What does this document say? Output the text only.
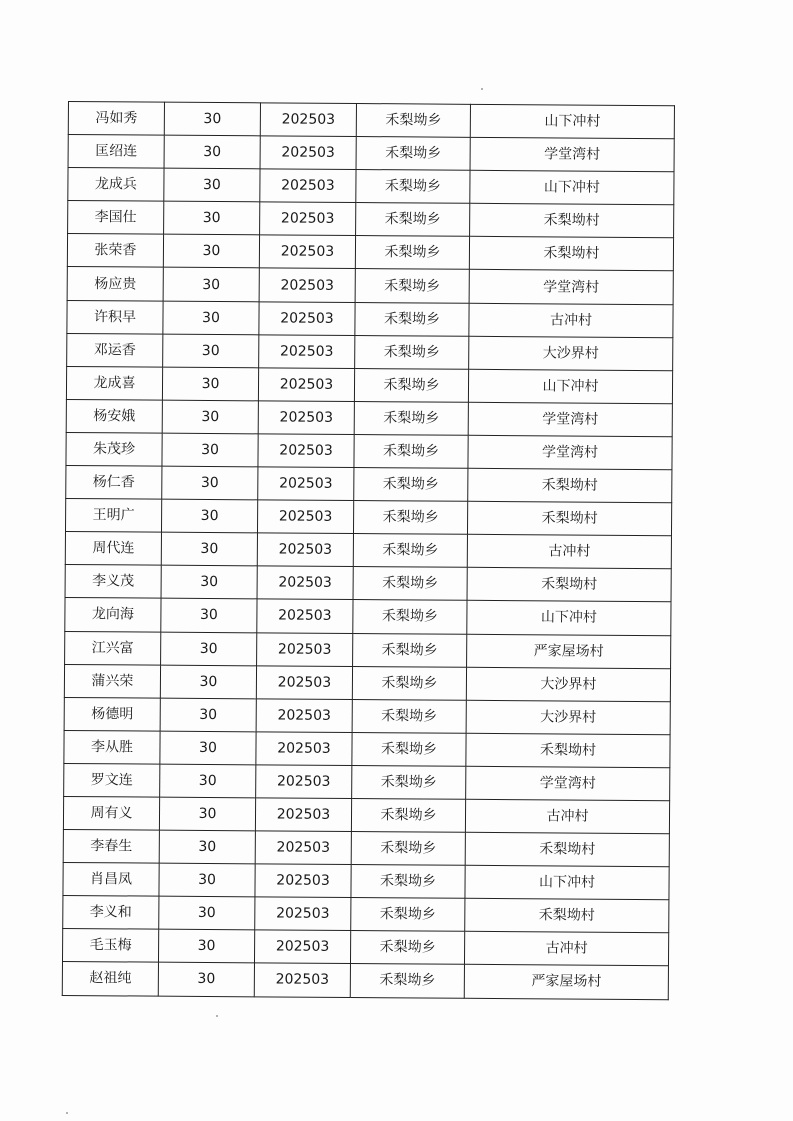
冯如秀	30	202503	禾梨坳乡	山下冲村
匡绍连	30	202503	禾梨坳乡	学堂湾村
龙成兵	30	202503	禾梨坳乡	山下冲村
李国仕	30	202503	禾梨坳乡	禾梨坳村
张荣香	30	202503	禾梨坳乡	禾梨坳村
杨应贵	30	202503	禾梨坳乡	学堂湾村
许积早	30	202503	禾梨坳乡	古冲村
邓运香	30	202503	禾梨坳乡	大沙界村
龙成喜	30	202503	禾梨坳乡	山下冲村
杨安娥	30	202503	禾梨坳乡	学堂湾村
朱茂珍	30	202503	禾梨坳乡	学堂湾村
杨仁香	30	202503	禾梨坳乡	禾梨坳村
王明广	30	202503	禾梨坳乡	禾梨坳村
周代连	30	202503	禾梨坳乡	古冲村
李义茂	30	202503	禾梨坳乡	禾梨坳村
龙向海	30	202503	禾梨坳乡	山下冲村
江兴富	30	202503	禾梨坳乡	严家屋场村
蒲兴荣	30	202503	禾梨坳乡	大沙界村
杨德明	30	202503	禾梨坳乡	大沙界村
李从胜	30	202503	禾梨坳乡	禾梨坳村
罗文连	30	202503	禾梨坳乡	学堂湾村
周有义	30	202503	禾梨坳乡	古冲村
李春生	30	202503	禾梨坳乡	禾梨坳村
肖昌凤	30	202503	禾梨坳乡	山下冲村
李义和	30	202503	禾梨坳乡	禾梨坳村
毛玉梅	30	202503	禾梨坳乡	古冲村
赵祖纯	30	202503	禾梨坳乡	严家屋场村
